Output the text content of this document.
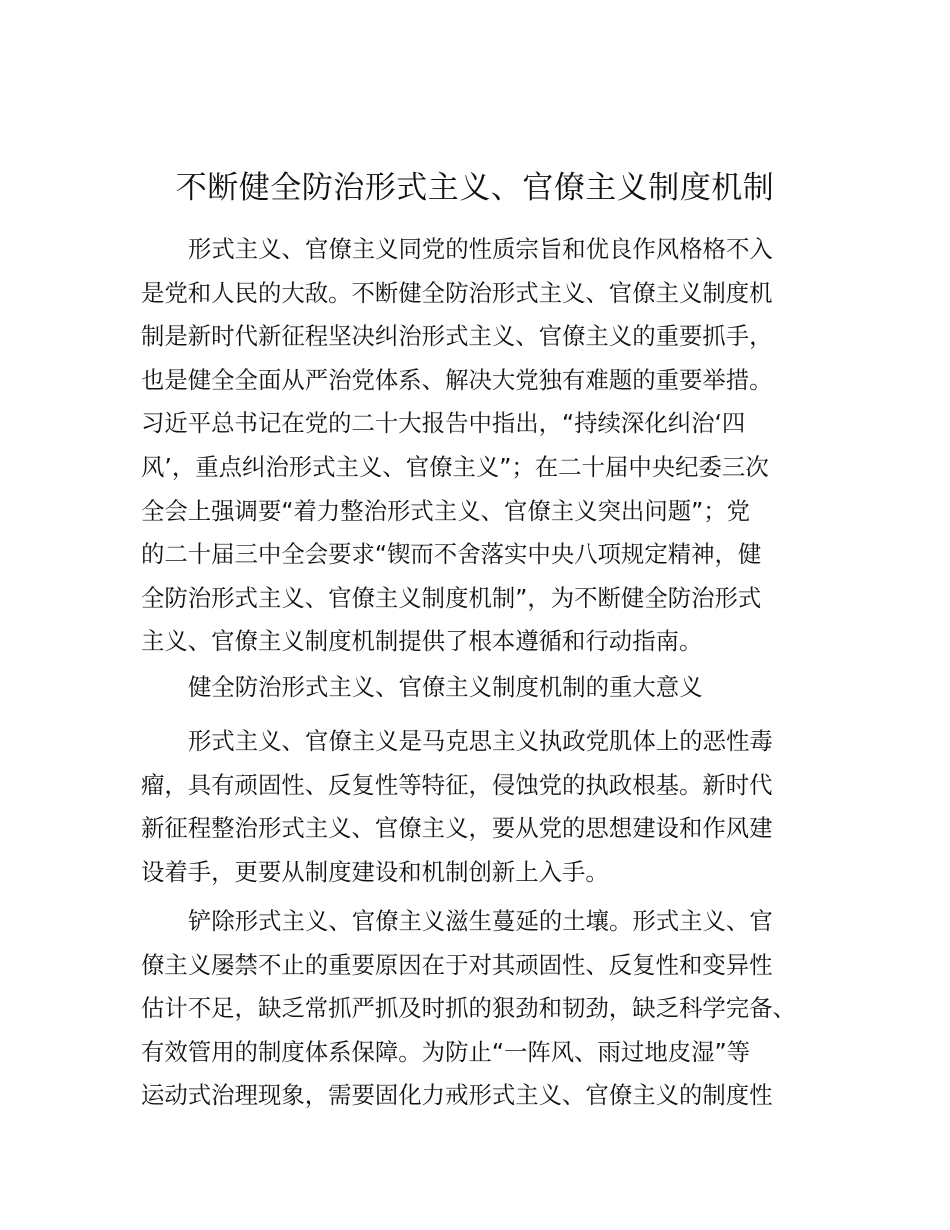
不断健全防治形式主义、官僚主义制度机制
形式主义、官僚主义同党的性质宗旨和优良作风格格不入
是党和人民的大敌。不断健全防治形式主义、官僚主义制度机
制是新时代新征程坚决纠治形式主义、官僚主义的重要抓手，
也是健全全面从严治党体系、解决大党独有难题的重要举措。
习近平总书记在党的二十大报告中指出，“持续深化纠治‘四
风’，重点纠治形式主义、官僚主义”；在二十届中央纪委三次
全会上强调要“着力整治形式主义、官僚主义突出问题”；党
的二十届三中全会要求“锲而不舍落实中央八项规定精神，健
全防治形式主义、官僚主义制度机制”，为不断健全防治形式
主义、官僚主义制度机制提供了根本遵循和行动指南。
健全防治形式主义、官僚主义制度机制的重大意义
形式主义、官僚主义是马克思主义执政党肌体上的恶性毒
瘤，具有顽固性、反复性等特征，侵蚀党的执政根基。新时代
新征程整治形式主义、官僚主义，要从党的思想建设和作风建
设着手，更要从制度建设和机制创新上入手。
铲除形式主义、官僚主义滋生蔓延的土壤。形式主义、官
僚主义屡禁不止的重要原因在于对其顽固性、反复性和变异性
估计不足，缺乏常抓严抓及时抓的狠劲和韧劲，缺乏科学完备、
有效管用的制度体系保障。为防止“一阵风、雨过地皮湿”等
运动式治理现象，需要固化力戒形式主义、官僚主义的制度性
